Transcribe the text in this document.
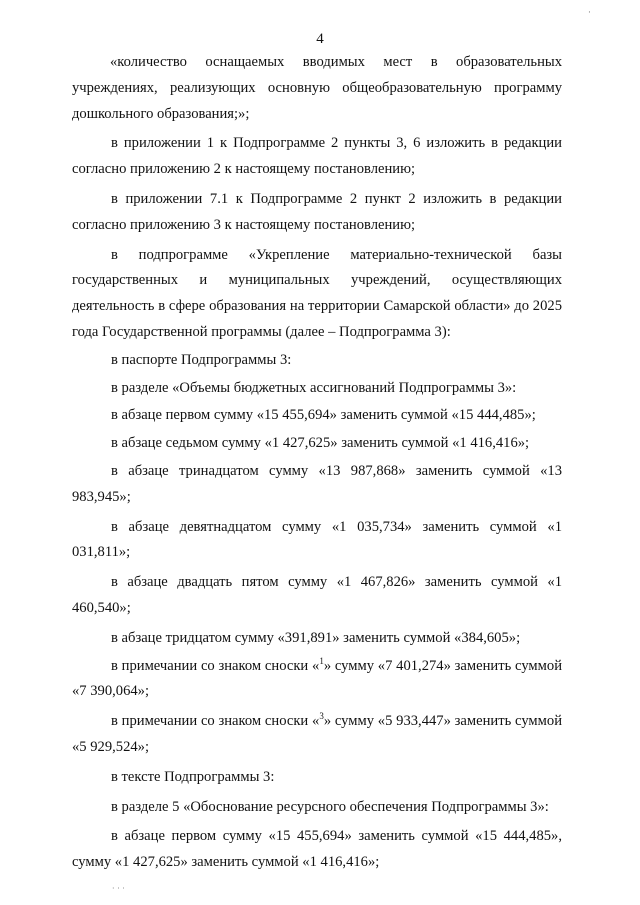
4

«количество оснащаемых вводимых мест в образовательных учреждениях, реализующих основную общеобразовательную программу дошкольного образования;»;

в приложении 1 к Подпрограмме 2 пункты 3, 6 изложить в редакции согласно приложению 2 к настоящему постановлению;

в приложении 7.1 к Подпрограмме 2 пункт 2 изложить в редакции согласно приложению 3 к настоящему постановлению;

в подпрограмме «Укрепление материально-технической базы государственных и муниципальных учреждений, осуществляющих деятельность в сфере образования на территории Самарской области» до 2025 года Государственной программы (далее – Подпрограмма 3):

в паспорте Подпрограммы 3:

в разделе «Объемы бюджетных ассигнований Подпрограммы 3»:

в абзаце первом сумму «15 455,694» заменить суммой «15 444,485»;

в абзаце седьмом сумму «1 427,625» заменить суммой «1 416,416»;

в абзаце тринадцатом сумму «13 987,868» заменить суммой «13 983,945»;

в абзаце девятнадцатом сумму «1 035,734» заменить суммой «1 031,811»;

в абзаце двадцать пятом сумму «1 467,826» заменить суммой «1 460,540»;

в абзаце тридцатом сумму «391,891» заменить суммой «384,605»;

в примечании со знаком сноски «$^1$» сумму «7 401,274» заменить суммой «7 390,064»;

в примечании со знаком сноски «$^3$» сумму «5 933,447» заменить суммой «5 929,524»;

в тексте Подпрограммы 3:

в разделе 5 «Обоснование ресурсного обеспечения Подпрограммы 3»:

в абзаце первом сумму «15 455,694» заменить суммой «15 444,485», сумму «1 427,625» заменить суммой «1 416,416»;

·
· · ·
